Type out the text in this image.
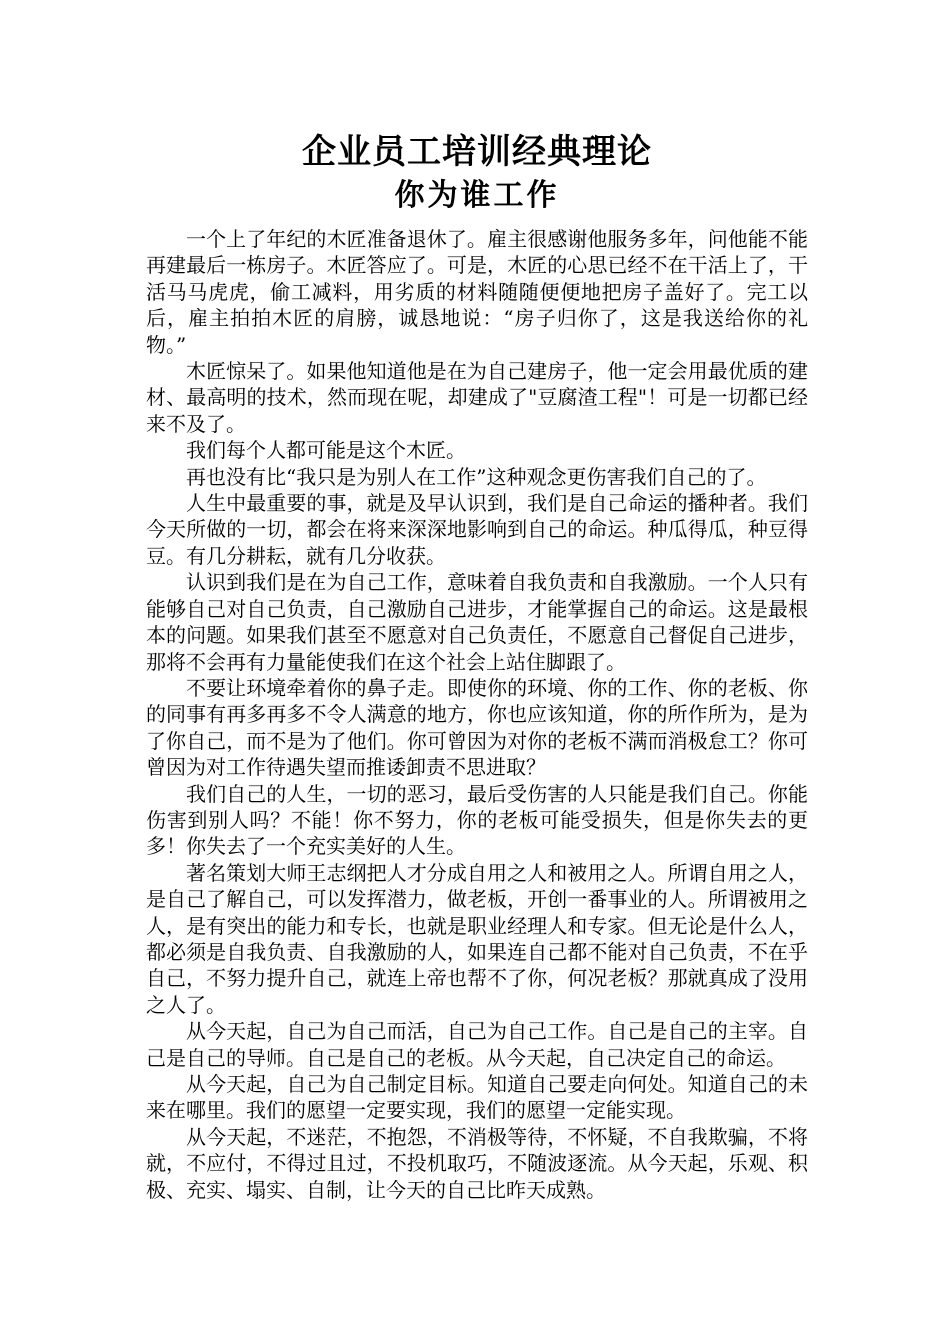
企业员工培训经典理论
你为谁工作

一个上了年纪的木匠准备退休了。雇主很感谢他服务多年，问他能不能再建最后一栋房子。木匠答应了。可是，木匠的心思已经不在干活上了，干活马马虎虎，偷工减料，用劣质的材料随随便便地把房子盖好了。完工以后，雇主拍拍木匠的肩膀，诚恳地说：“房子归你了，这是我送给你的礼物。”

木匠惊呆了。如果他知道他是在为自己建房子，他一定会用最优质的建材、最高明的技术，然而现在呢，却建成了"豆腐渣工程"！可是一切都已经来不及了。

我们每个人都可能是这个木匠。

再也没有比“我只是为别人在工作”这种观念更伤害我们自己的了。

人生中最重要的事，就是及早认识到，我们是自己命运的播种者。我们今天所做的一切，都会在将来深深地影响到自己的命运。种瓜得瓜，种豆得豆。有几分耕耘，就有几分收获。

认识到我们是在为自己工作，意味着自我负责和自我激励。一个人只有能够自己对自己负责，自己激励自己进步，才能掌握自己的命运。这是最根本的问题。如果我们甚至不愿意对自己负责任，不愿意自己督促自己进步，那将不会再有力量能使我们在这个社会上站住脚跟了。

不要让环境牵着你的鼻子走。即使你的环境、你的工作、你的老板、你的同事有再多再多不令人满意的地方，你也应该知道，你的所作所为，是为了你自己，而不是为了他们。你可曾因为对你的老板不满而消极怠工？你可曾因为对工作待遇失望而推诿卸责不思进取？

我们自己的人生，一切的恶习，最后受伤害的人只能是我们自己。你能伤害到别人吗？不能！你不努力，你的老板可能受损失，但是你失去的更多！你失去了一个充实美好的人生。

著名策划大师王志纲把人才分成自用之人和被用之人。所谓自用之人，是自己了解自己，可以发挥潜力，做老板，开创一番事业的人。所谓被用之人，是有突出的能力和专长，也就是职业经理人和专家。但无论是什么人，都必须是自我负责、自我激励的人，如果连自己都不能对自己负责，不在乎自己，不努力提升自己，就连上帝也帮不了你，何况老板？那就真成了没用之人了。

从今天起，自己为自己而活，自己为自己工作。自己是自己的主宰。自己是自己的导师。自己是自己的老板。从今天起，自己决定自己的命运。

从今天起，自己为自己制定目标。知道自己要走向何处。知道自己的未来在哪里。我们的愿望一定要实现，我们的愿望一定能实现。

从今天起，不迷茫，不抱怨，不消极等待，不怀疑，不自我欺骗，不将就，不应付，不得过且过，不投机取巧，不随波逐流。从今天起，乐观、积极、充实、塌实、自制，让今天的自己比昨天成熟。
